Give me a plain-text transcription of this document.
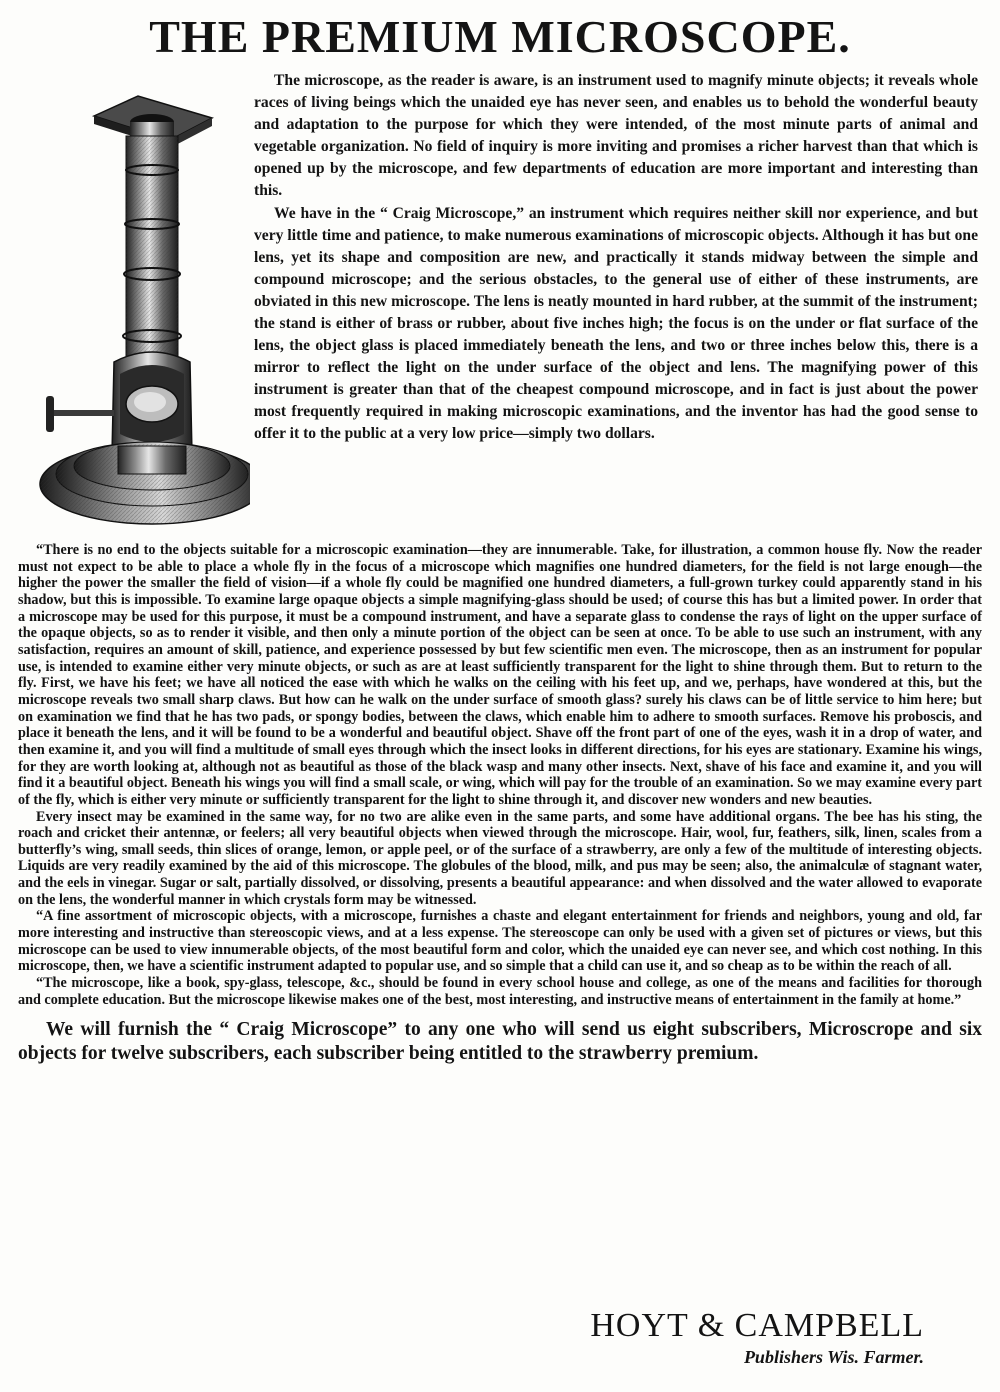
THE PREMIUM MICROSCOPE.

The microscope, as the reader is aware, is an instrument used to magnify minute objects; it reveals whole races of living beings which the unaided eye has never seen, and enables us to behold the wonderful beauty and adaptation to the purpose for which they were intended, of the most minute parts of animal and vegetable organization. No field of inquiry is more inviting and promises a richer harvest than that which is opened up by the microscope, and few departments of education are more important and interesting than this.

We have in the “ Craig Microscope,” an instrument which requires neither skill nor experience, and but very little time and patience, to make numerous examinations of microscopic objects. Although it has but one lens, yet its shape and composition are new, and practically it stands midway between the simple and compound microscope; and the serious obstacles, to the general use of either of these instruments, are obviated in this new microscope. The lens is neatly mounted in hard rubber, at the summit of the instrument; the stand is either of brass or rubber, about five inches high; the focus is on the under or flat surface of the lens, the object glass is placed immediately beneath the lens, and two or three inches below this, there is a mirror to reflect the light on the under surface of the object and lens. The magnifying power of this instrument is greater than that of the cheapest compound microscope, and in fact is just about the power most frequently required in making microscopic examinations, and the inventor has had the good sense to offer it to the public at a very low price—simply two dollars.

“There is no end to the objects suitable for a microscopic examination—they are innumerable. Take, for illustration, a common house fly. Now the reader must not expect to be able to place a whole fly in the focus of a microscope which magnifies one hundred diameters, for the field is not large enough—the higher the power the smaller the field of vision—if a whole fly could be magnified one hundred diameters, a full-grown turkey could apparently stand in his shadow, but this is impossible. To examine large opaque objects a simple magnifying-glass should be used; of course this has but a limited power. In order that a microscope may be used for this purpose, it must be a compound instrument, and have a separate glass to condense the rays of light on the upper surface of the opaque objects, so as to render it visible, and then only a minute portion of the object can be seen at once. To be able to use such an instrument, with any satisfaction, requires an amount of skill, patience, and experience possessed by but few scientific men even. The microscope, then as an instrument for popular use, is intended to examine either very minute objects, or such as are at least sufficiently transparent for the light to shine through them. But to return to the fly. First, we have his feet; we have all noticed the ease with which he walks on the ceiling with his feet up, and we, perhaps, have wondered at this, but the microscope reveals two small sharp claws. But how can he walk on the under surface of smooth glass? surely his claws can be of little service to him here; but on examination we find that he has two pads, or spongy bodies, between the claws, which enable him to adhere to smooth surfaces. Remove his proboscis, and place it beneath the lens, and it will be found to be a wonderful and beautiful object. Shave off the front part of one of the eyes, wash it in a drop of water, and then examine it, and you will find a multitude of small eyes through which the insect looks in different directions, for his eyes are stationary. Examine his wings, for they are worth looking at, although not as beautiful as those of the black wasp and many other insects. Next, shave of his face and examine it, and you will find it a beautiful object. Beneath his wings you will find a small scale, or wing, which will pay for the trouble of an examination. So we may examine every part of the fly, which is either very minute or sufficiently transparent for the light to shine through it, and discover new wonders and new beauties.

Every insect may be examined in the same way, for no two are alike even in the same parts, and some have additional organs. The bee has his sting, the roach and cricket their antennæ, or feelers; all very beautiful objects when viewed through the microscope. Hair, wool, fur, feathers, silk, linen, scales from a butterfly’s wing, small seeds, thin slices of orange, lemon, or apple peel, or of the surface of a strawberry, are only a few of the multitude of interesting objects. Liquids are very readily examined by the aid of this microscope. The globules of the blood, milk, and pus may be seen; also, the animalculæ of stagnant water, and the eels in vinegar. Sugar or salt, partially dissolved, or dissolving, presents a beautiful appearance: and when dissolved and the water allowed to evaporate on the lens, the wonderful manner in which crystals form may be witnessed.

“A fine assortment of microscopic objects, with a microscope, furnishes a chaste and elegant entertainment for friends and neighbors, young and old, far more interesting and instructive than stereoscopic views, and at a less expense. The stereoscope can only be used with a given set of pictures or views, but this microscope can be used to view innumerable objects, of the most beautiful form and color, which the unaided eye can never see, and which cost nothing. In this microscope, then, we have a scientific instrument adapted to popular use, and so simple that a child can use it, and so cheap as to be within the reach of all.

“The microscope, like a book, spy-glass, telescope, &c., should be found in every school house and college, as one of the means and facilities for thorough and complete education. But the microscope likewise makes one of the best, most interesting, and instructive means of entertainment in the family at home.”

We will furnish the “ Craig Microscope” to any one who will send us eight subscribers, Microscrope and six objects for twelve subscribers, each subscriber being entitled to the strawberry premium.

HOYT & CAMPBELL
Publishers Wis. Farmer.
